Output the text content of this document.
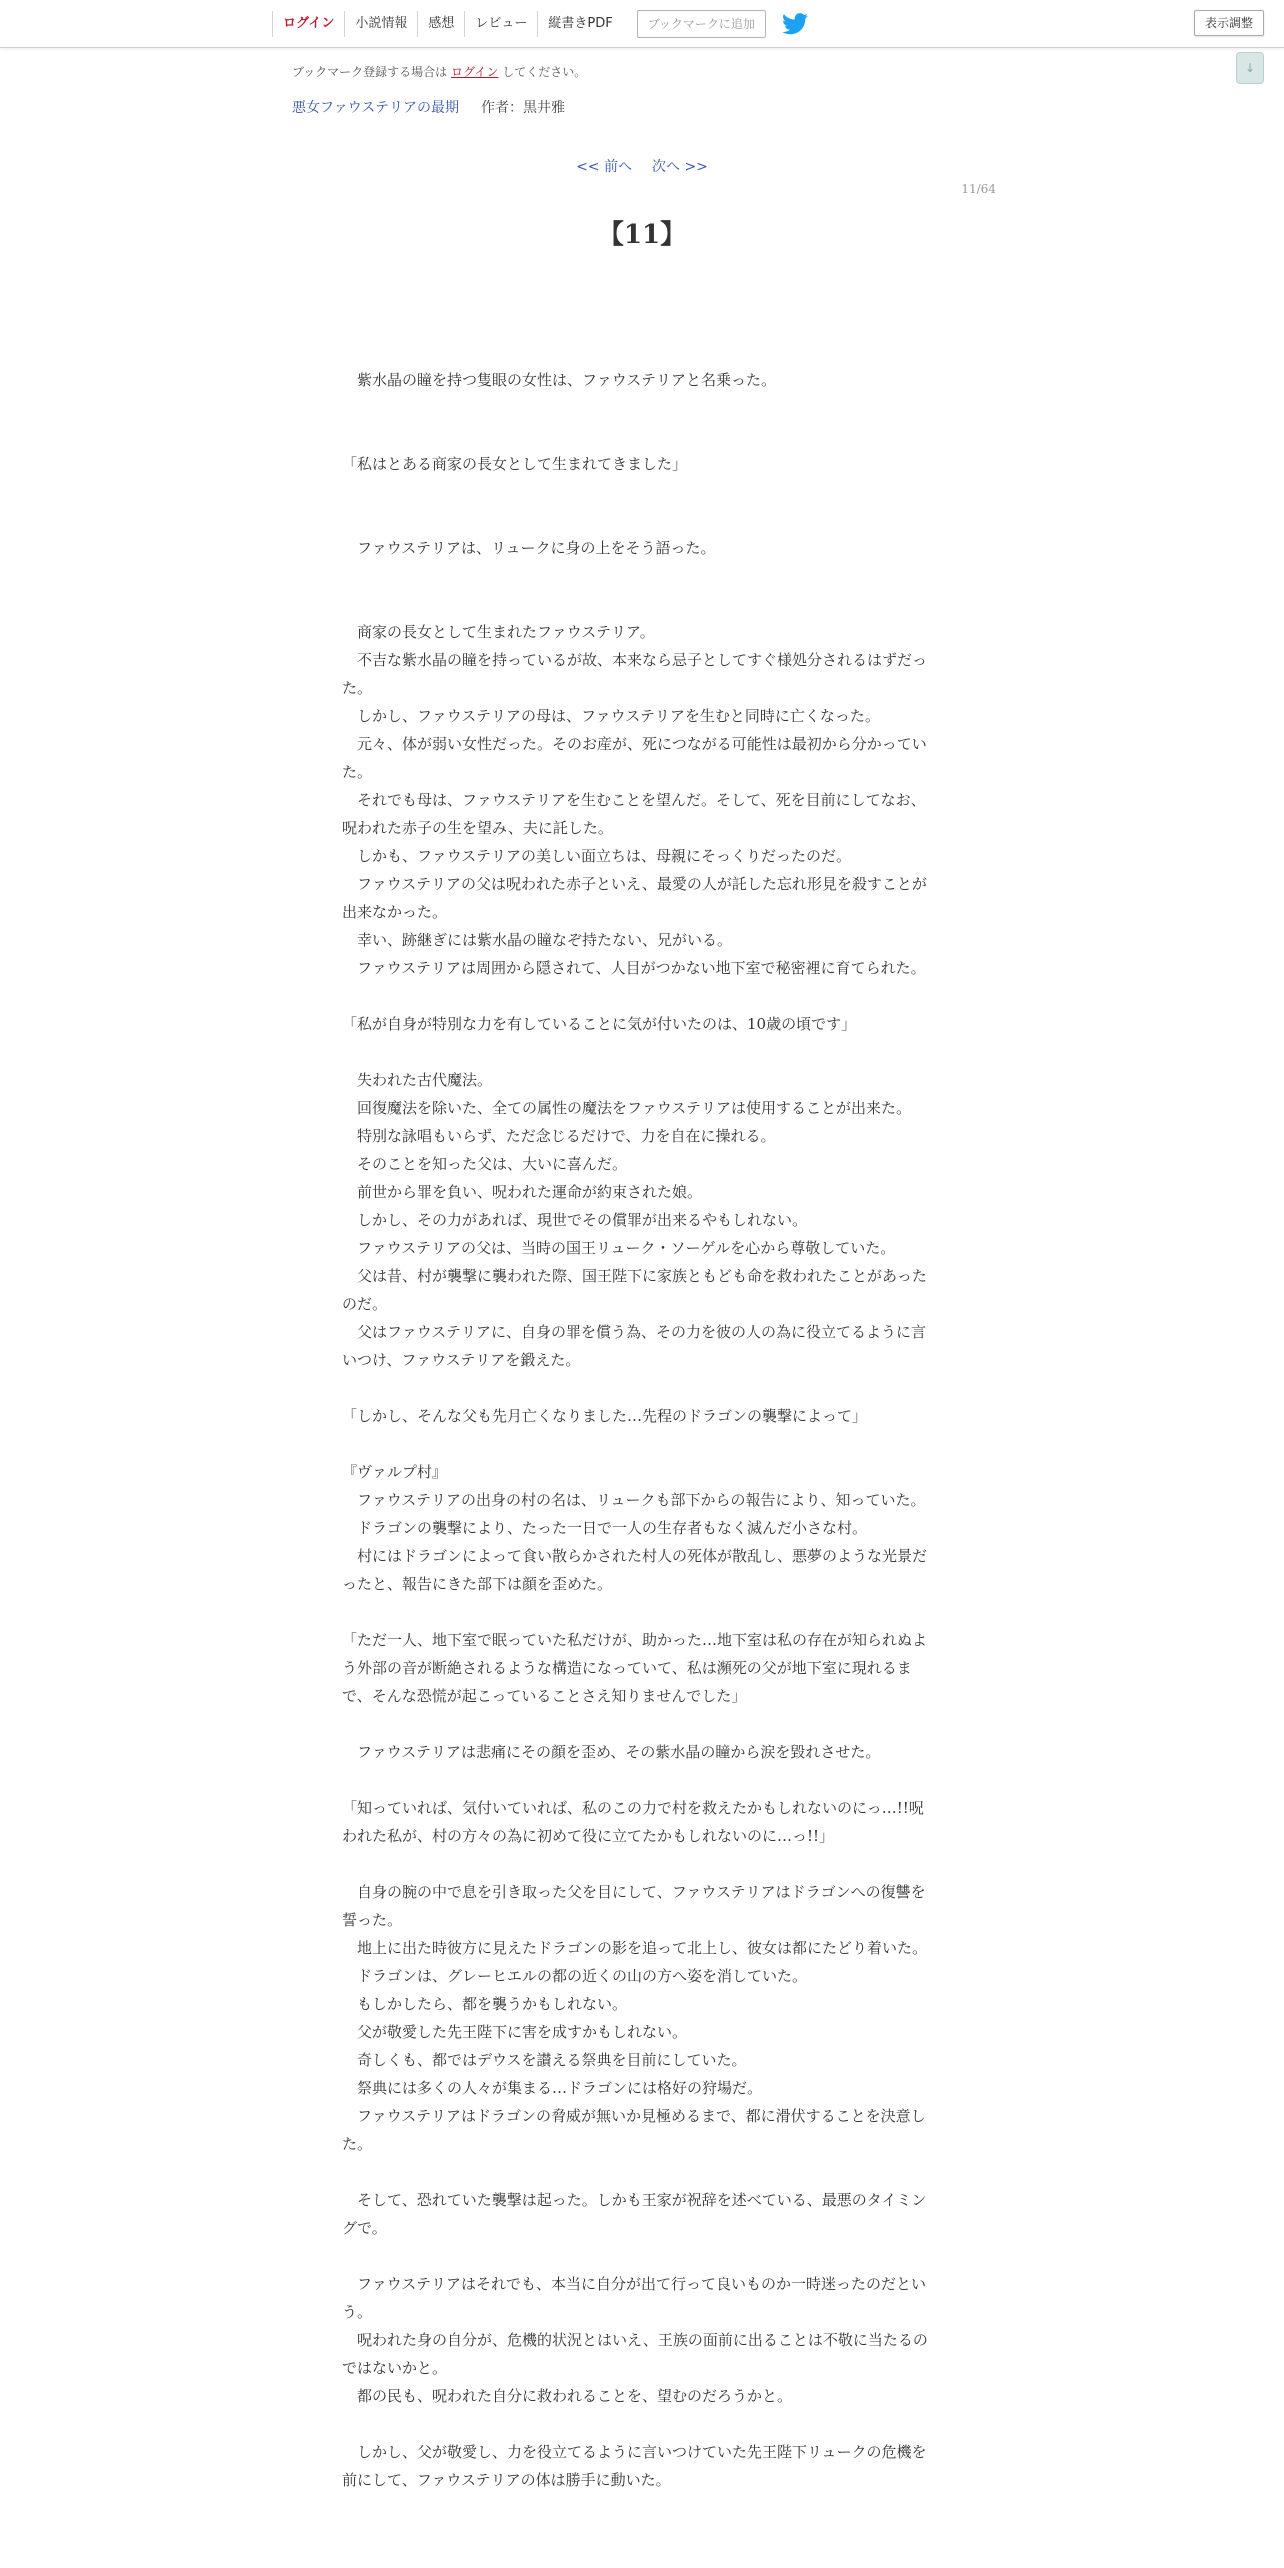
ログイン	小説情報	感想	レビュー	縦書きPDF	ブックマークに追加	表示調整
↓
ブックマーク登録する場合は ログイン してください。
悪女ファウステリアの最期 作者：黒井雅
<< 前へ 次へ >>
11/64
【11】

　紫水晶の瞳を持つ隻眼の女性は、ファウステリアと名乗った。

「私はとある商家の長女として生まれてきました」

　ファウステリアは、リュークに身の上をそう語った。

　商家の長女として生まれたファウステリア。

　不吉な紫水晶の瞳を持っているが故、本来なら忌子としてすぐ様処分されるはずだった。

　しかし、ファウステリアの母は、ファウステリアを生むと同時に亡くなった。

　元々、体が弱い女性だった。そのお産が、死につながる可能性は最初から分かっていた。

　それでも母は、ファウステリアを生むことを望んだ。そして、死を目前にしてなお、呪われた赤子の生を望み、夫に託した。

　しかも、ファウステリアの美しい面立ちは、母親にそっくりだったのだ。

　ファウステリアの父は呪われた赤子といえ、最愛の人が託した忘れ形見を殺すことが出来なかった。

　幸い、跡継ぎには紫水晶の瞳なぞ持たない、兄がいる。

　ファウステリアは周囲から隠されて、人目がつかない地下室で秘密裡に育てられた。

「私が自身が特別な力を有していることに気が付いたのは、10歳の頃です」

　失われた古代魔法。

　回復魔法を除いた、全ての属性の魔法をファウステリアは使用することが出来た。

　特別な詠唱もいらず、ただ念じるだけで、力を自在に操れる。

　そのことを知った父は、大いに喜んだ。

　前世から罪を負い、呪われた運命が約束された娘。

　しかし、その力があれば、現世でその償罪が出来るやもしれない。

　ファウステリアの父は、当時の国王リューク・ソーゲルを心から尊敬していた。

　父は昔、村が襲撃に襲われた際、国王陛下に家族ともども命を救われたことがあったのだ。

　父はファウステリアに、自身の罪を償う為、その力を彼の人の為に役立てるように言いつけ、ファウステリアを鍛えた。

「しかし、そんな父も先月亡くなりました…先程のドラゴンの襲撃によって」

『ヴァルプ村』

　ファウステリアの出身の村の名は、リュークも部下からの報告により、知っていた。

　ドラゴンの襲撃により、たった一日で一人の生存者もなく滅んだ小さな村。

　村にはドラゴンによって食い散らかされた村人の死体が散乱し、悪夢のような光景だったと、報告にきた部下は顔を歪めた。

「ただ一人、地下室で眠っていた私だけが、助かった…地下室は私の存在が知られぬよう外部の音が断絶されるような構造になっていて、私は瀕死の父が地下室に現れるまで、そんな恐慌が起こっていることさえ知りませんでした」

　ファウステリアは悲痛にその顔を歪め、その紫水晶の瞳から涙を毀れさせた。

「知っていれば、気付いていれば、私のこの力で村を救えたかもしれないのにっ…!!呪われた私が、村の方々の為に初めて役に立てたかもしれないのに…っ!!」

　自身の腕の中で息を引き取った父を目にして、ファウステリアはドラゴンへの復讐を誓った。

　地上に出た時彼方に見えたドラゴンの影を追って北上し、彼女は都にたどり着いた。

　ドラゴンは、グレーヒエルの都の近くの山の方へ姿を消していた。

　もしかしたら、都を襲うかもしれない。

　父が敬愛した先王陛下に害を成すかもしれない。

　奇しくも、都ではデウスを讃える祭典を目前にしていた。

　祭典には多くの人々が集まる…ドラゴンには格好の狩場だ。

　ファウステリアはドラゴンの脅威が無いか見極めるまで、都に滑伏することを決意した。

　そして、恐れていた襲撃は起った。しかも王家が祝辞を述べている、最悪のタイミングで。

　ファウステリアはそれでも、本当に自分が出て行って良いものか一時迷ったのだという。

　呪われた身の自分が、危機的状況とはいえ、王族の面前に出ることは不敬に当たるのではないかと。

　都の民も、呪われた自分に救われることを、望むのだろうかと。

　しかし、父が敬愛し、力を役立てるように言いつけていた先王陛下リュークの危機を前にして、ファウステリアの体は勝手に動いた。
